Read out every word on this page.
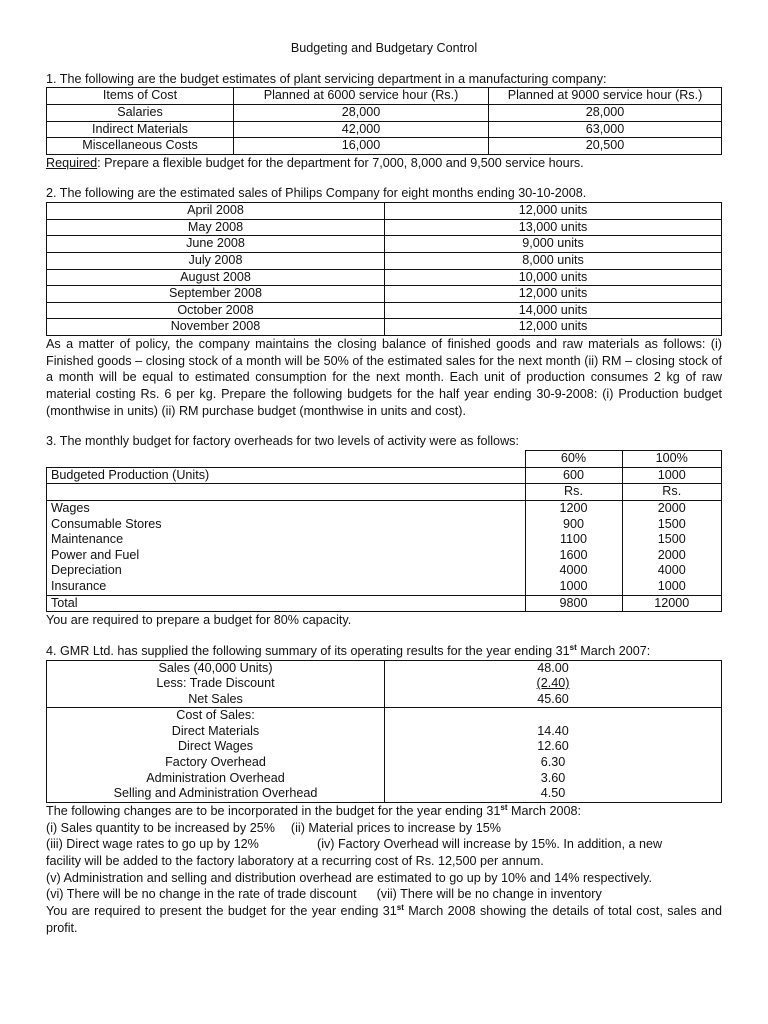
Budgeting and Budgetary Control
1. The following are the budget estimates of plant servicing department in a manufacturing company:
Items of Cost	Planned at 6000 service hour (Rs.)	Planned at 9000 service hour (Rs.)
Salaries	28,000	28,000
Indirect Materials	42,000	63,000
Miscellaneous Costs	16,000	20,500
Required: Prepare a flexible budget for the department for 7,000, 8,000 and 9,500 service hours.
2. The following are the estimated sales of Philips Company for eight months ending 30-10-2008.
April 2008	12,000 units
May 2008	13,000 units
June 2008	9,000 units
July 2008	8,000 units
August 2008	10,000 units
September 2008	12,000 units
October 2008	14,000 units
November 2008	12,000 units
As a matter of policy, the company maintains the closing balance of finished goods and raw materials as follows: (i) Finished goods – closing stock of a month will be 50% of the estimated sales for the next month (ii) RM – closing stock of a month will be equal to estimated consumption for the next month. Each unit of production consumes 2 kg of raw material costing Rs. 6 per kg. Prepare the following budgets for the half year ending 30-9-2008: (i) Production budget (monthwise in units) (ii) RM purchase budget (monthwise in units and cost).
3. The monthly budget for factory overheads for two levels of activity were as follows:
	60%	100%
Budgeted Production (Units)	600	1000
	Rs.	Rs.
Wages	1200	2000
Consumable Stores	900	1500
Maintenance	1100	1500
Power and Fuel	1600	2000
Depreciation	4000	4000
Insurance	1000	1000
Total	9800	12000
You are required to prepare a budget for 80% capacity.
4. GMR Ltd. has supplied the following summary of its operating results for the year ending 31st March 2007:
Sales (40,000 Units)	48.00
Less: Trade Discount	(2.40)
Net Sales	45.60
Cost of Sales:	
Direct Materials	14.40
Direct Wages	12.60
Factory Overhead	6.30
Administration Overhead	3.60
Selling and Administration Overhead	4.50
The following changes are to be incorporated in the budget for the year ending 31st March 2008:
(i) Sales quantity to be increased by 25% (ii) Material prices to increase by 15%
(iii) Direct wage rates to go up by 12%	(iv) Factory Overhead will increase by 15%. In addition, a new
facility will be added to the factory laboratory at a recurring cost of Rs. 12,500 per annum.
(v) Administration and selling and distribution overhead are estimated to go up by 10% and 14% respectively.
(vi) There will be no change in the rate of trade discount (vii) There will be no change in inventory
You are required to present the budget for the year ending 31st March 2008 showing the details of total cost, sales and profit.
